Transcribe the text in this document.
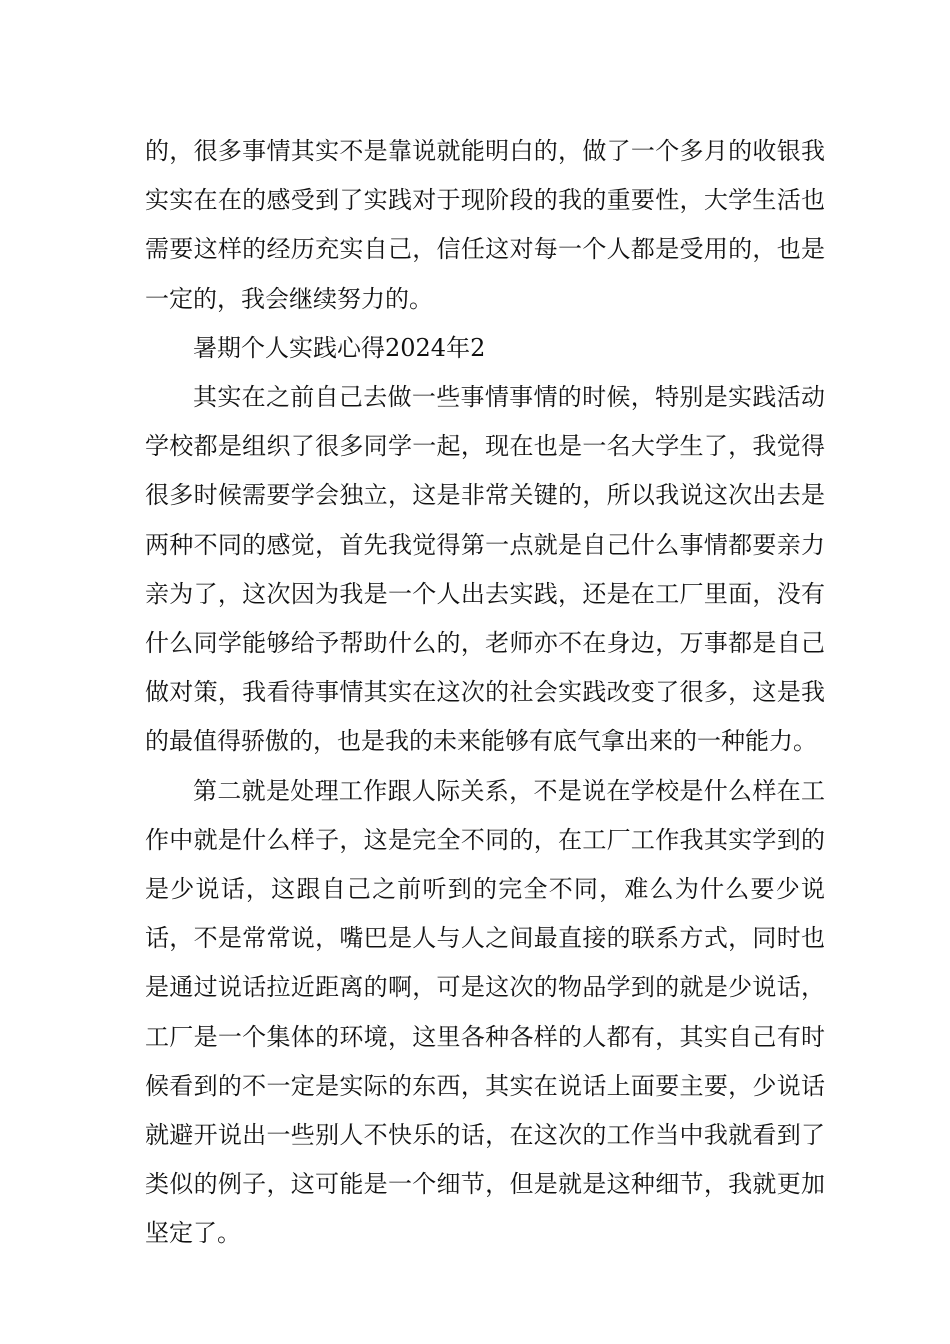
的，很多事情其实不是靠说就能明白的，做了一个多月的收银我实实在在的感受到了实践对于现阶段的我的重要性，大学生活也需要这样的经历充实自己，信任这对每一个人都是受用的，也是一定的，我会继续努力的。

暑期个人实践心得2024年2

其实在之前自己去做一些事情事情的时候，特别是实践活动学校都是组织了很多同学一起，现在也是一名大学生了，我觉得很多时候需要学会独立，这是非常关键的，所以我说这次出去是两种不同的感觉，首先我觉得第一点就是自己什么事情都要亲力亲为了，这次因为我是一个人出去实践，还是在工厂里面，没有什么同学能够给予帮助什么的，老师亦不在身边，万事都是自己做对策，我看待事情其实在这次的社会实践改变了很多，这是我的最值得骄傲的，也是我的未来能够有底气拿出来的一种能力。

第二就是处理工作跟人际关系，不是说在学校是什么样在工作中就是什么样子，这是完全不同的，在工厂工作我其实学到的是少说话，这跟自己之前听到的完全不同，难么为什么要少说话，不是常常说，嘴巴是人与人之间最直接的联系方式，同时也是通过说话拉近距离的啊，可是这次的物品学到的就是少说话，工厂是一个集体的环境，这里各种各样的人都有，其实自己有时候看到的不一定是实际的东西，其实在说话上面要主要，少说话就避开说出一些别人不快乐的话，在这次的工作当中我就看到了类似的例子，这可能是一个细节，但是就是这种细节，我就更加坚定了。
